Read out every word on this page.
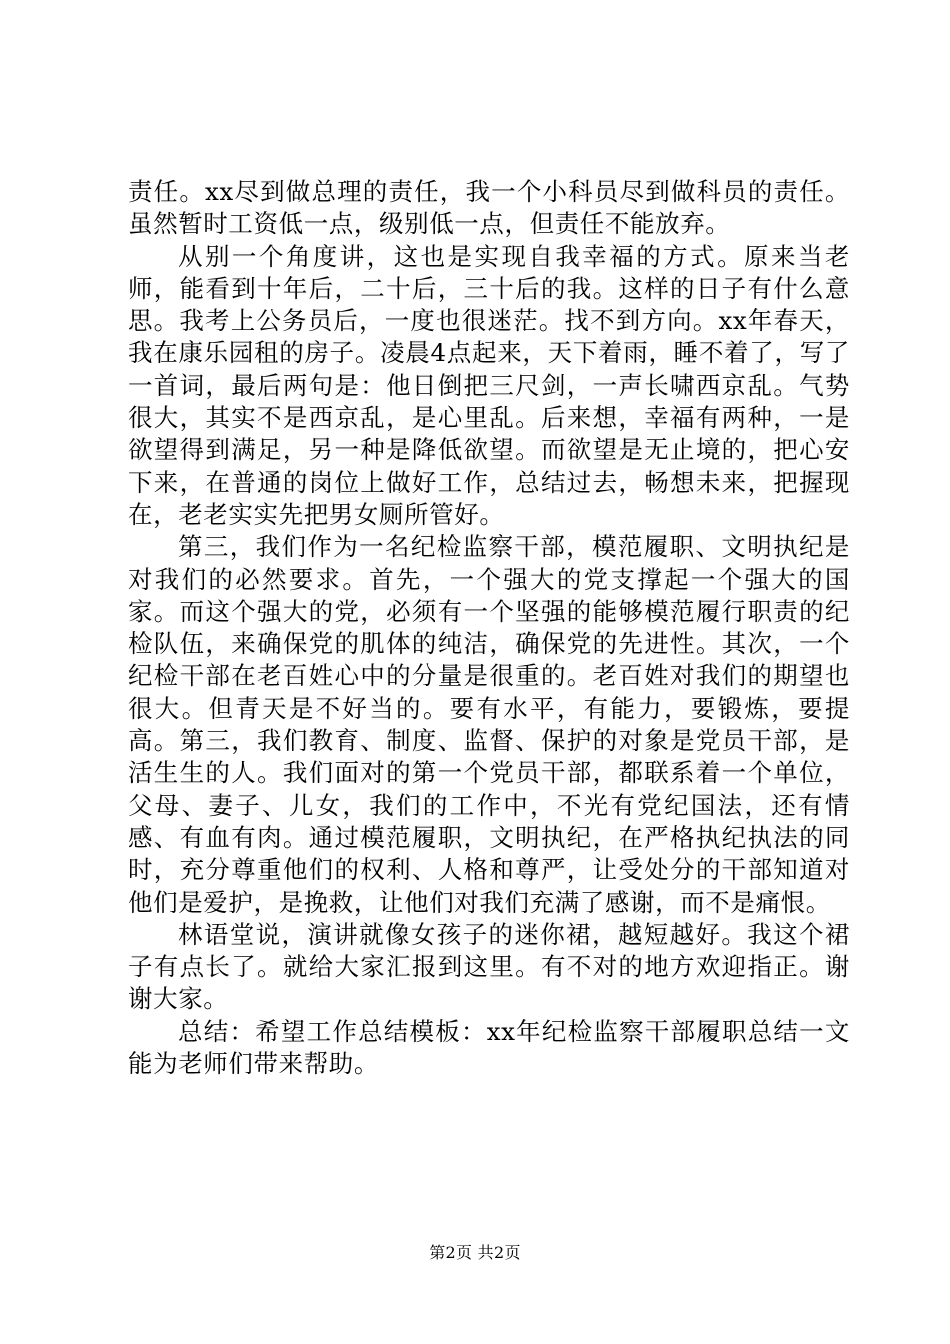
责任。xx尽到做总理的责任，我一个小科员尽到做科员的责任。虽然暂时工资低一点，级别低一点，但责任不能放弃。

从别一个角度讲，这也是实现自我幸福的方式。原来当老师，能看到十年后，二十后，三十后的我。这样的日子有什么意思。我考上公务员后，一度也很迷茫。找不到方向。xx年春天，我在康乐园租的房子。凌晨4点起来，天下着雨，睡不着了，写了一首词，最后两句是：他日倒把三尺剑，一声长啸西京乱。气势很大，其实不是西京乱，是心里乱。后来想，幸福有两种，一是欲望得到满足，另一种是降低欲望。而欲望是无止境的，把心安下来，在普通的岗位上做好工作，总结过去，畅想未来，把握现在，老老实实先把男女厕所管好。

第三，我们作为一名纪检监察干部，模范履职、文明执纪是对我们的必然要求。首先，一个强大的党支撑起一个强大的国家。而这个强大的党，必须有一个坚强的能够模范履行职责的纪检队伍，来确保党的肌体的纯洁，确保党的先进性。其次，一个纪检干部在老百姓心中的分量是很重的。老百姓对我们的期望也很大。但青天是不好当的。要有水平，有能力，要锻炼，要提高。第三，我们教育、制度、监督、保护的对象是党员干部，是活生生的人。我们面对的第一个党员干部，都联系着一个单位，父母、妻子、儿女，我们的工作中，不光有党纪国法，还有情感、有血有肉。通过模范履职，文明执纪，在严格执纪执法的同时，充分尊重他们的权利、人格和尊严，让受处分的干部知道对他们是爱护，是挽救，让他们对我们充满了感谢，而不是痛恨。

林语堂说，演讲就像女孩子的迷你裙，越短越好。我这个裙子有点长了。就给大家汇报到这里。有不对的地方欢迎指正。谢谢大家。

总结：希望工作总结模板：xx年纪检监察干部履职总结一文能为老师们带来帮助。

第2页 共2页
